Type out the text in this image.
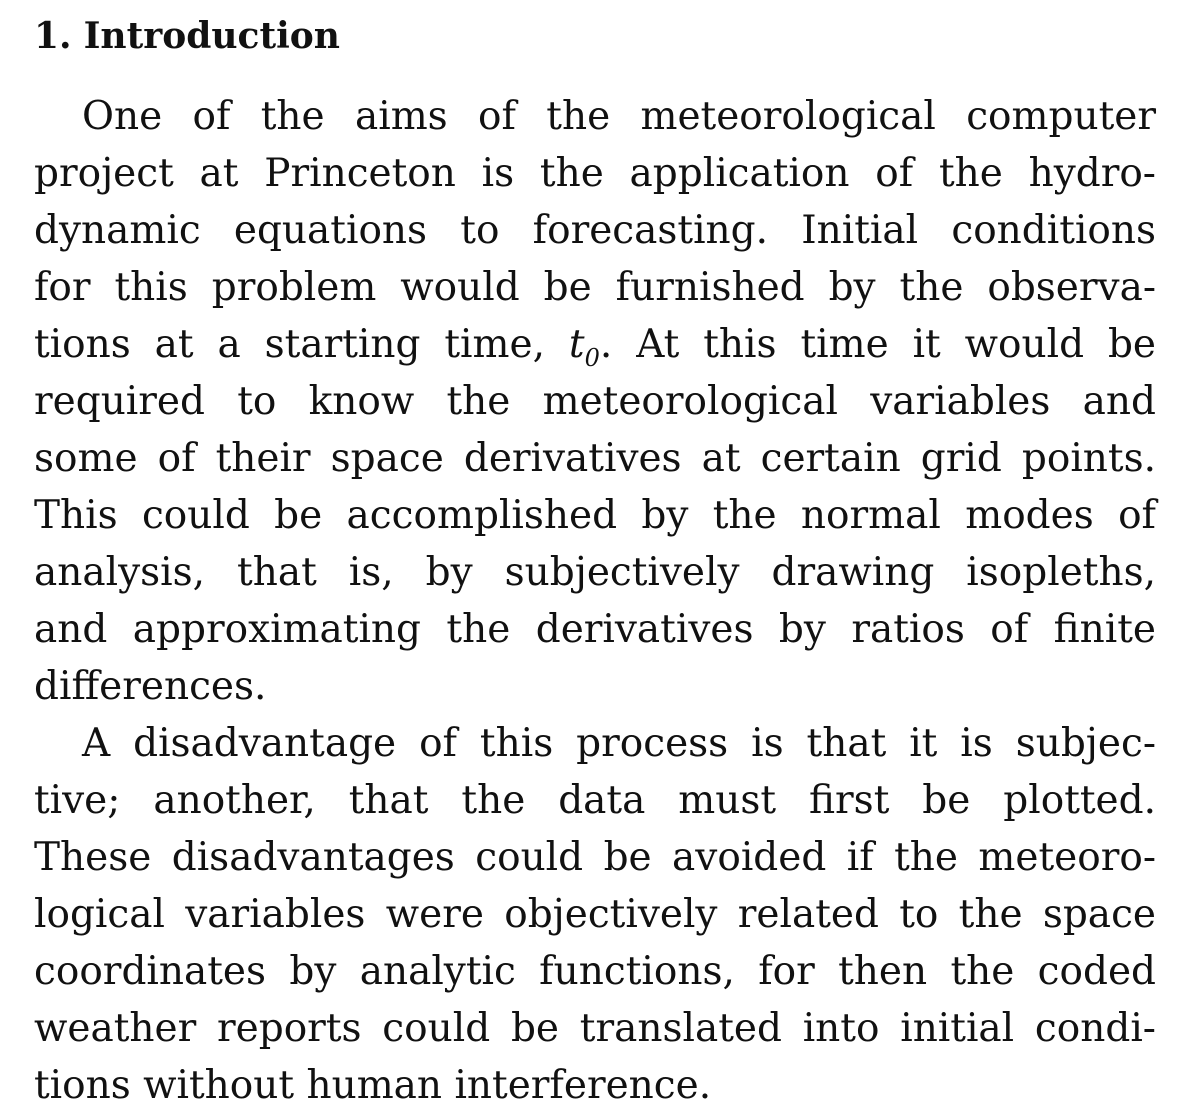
1. Introduction
One of the aims of the meteorological computer
project at Princeton is the application of the hydro-
dynamic equations to forecasting. Initial conditions
for this problem would be furnished by the observa-
tions at a starting time, $t_0$. At this time it would be
required to know the meteorological variables and
some of their space derivatives at certain grid points.
This could be accomplished by the normal modes of
analysis, that is, by subjectively drawing isopleths,
and approximating the derivatives by ratios of finite
differences.
A disadvantage of this process is that it is subjec-
tive; another, that the data must first be plotted.
These disadvantages could be avoided if the meteoro-
logical variables were objectively related to the space
coordinates by analytic functions, for then the coded
weather reports could be translated into initial condi-
tions without human interference.
